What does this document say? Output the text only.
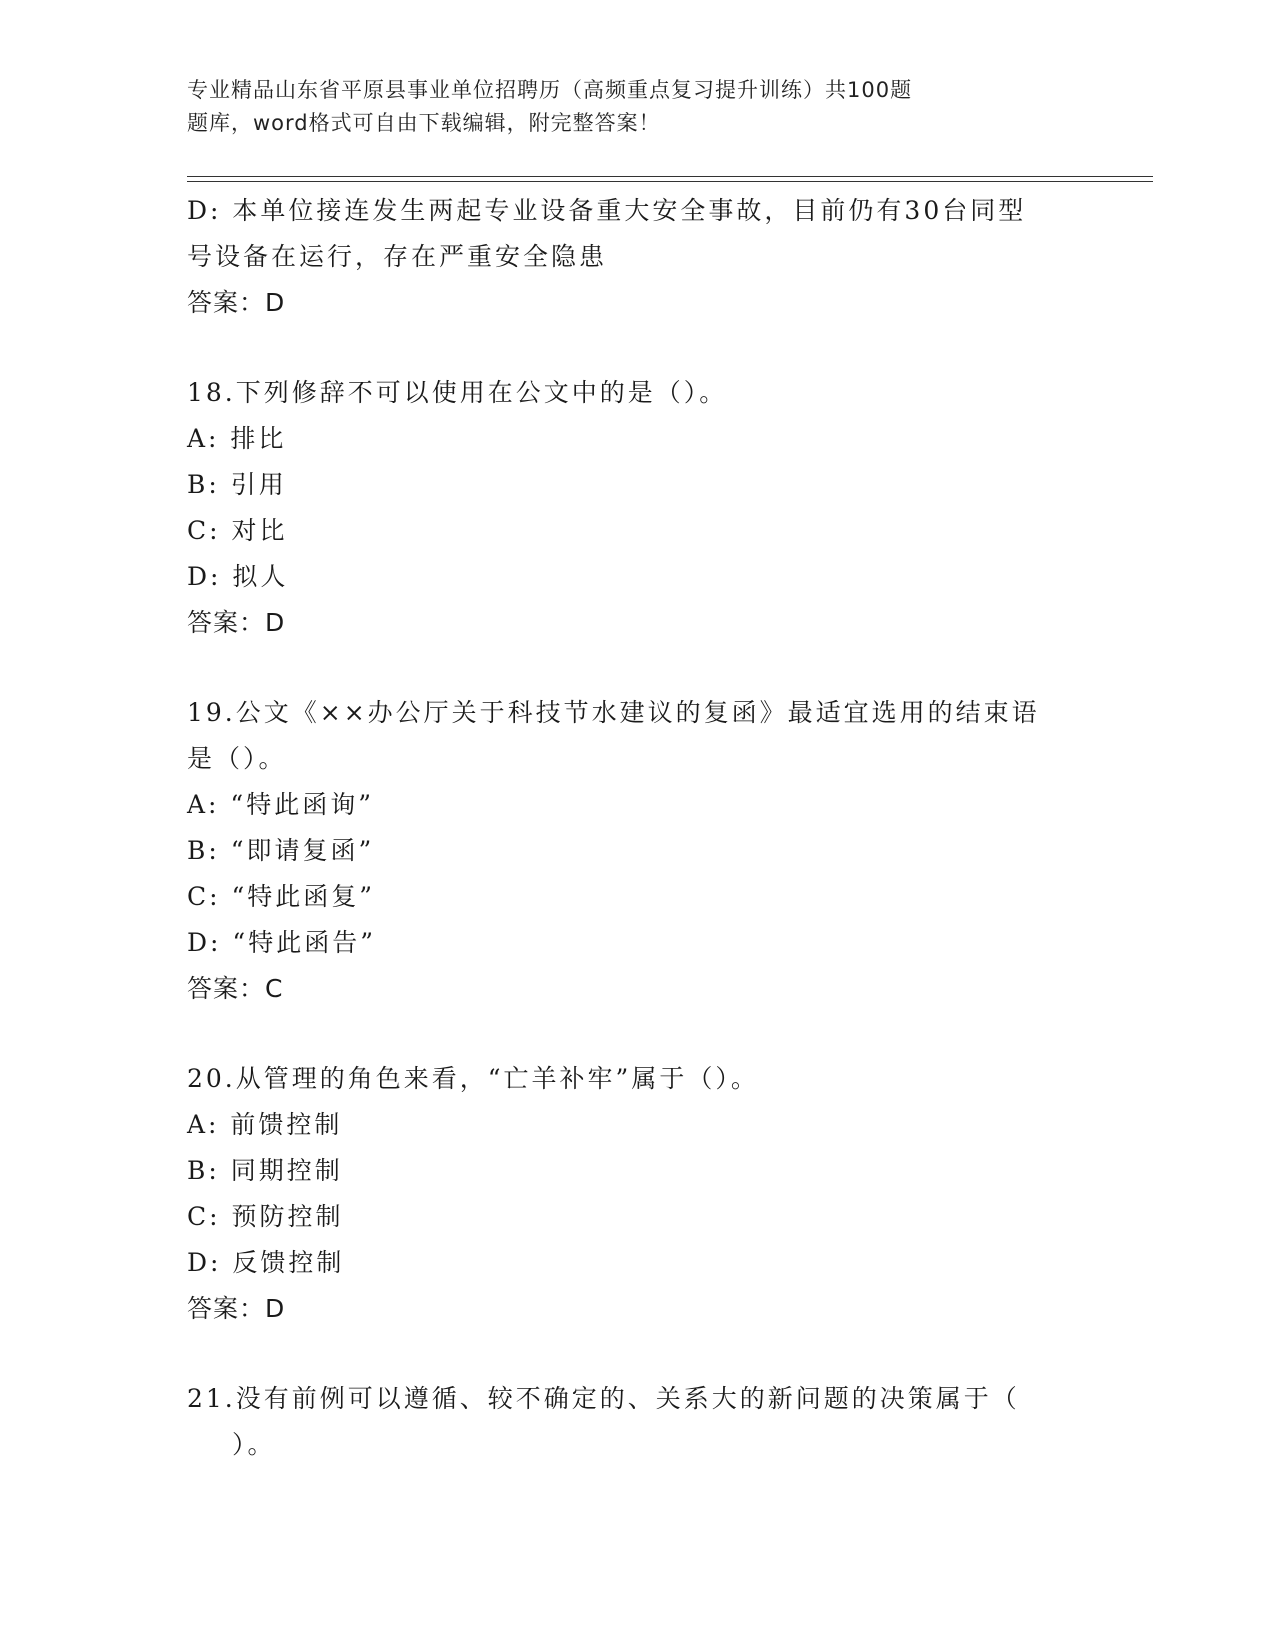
专业精品山东省平原县事业单位招聘历（高频重点复习提升训练）共100题
题库，word格式可自由下载编辑，附完整答案！
D: 本单位接连发生两起专业设备重大安全事故，目前仍有30台同型
号设备在运行，存在严重安全隐患
答案：D
18.下列修辞不可以使用在公文中的是（）。
A: 排比
B: 引用
C: 对比
D: 拟人
答案：D
19.公文《××办公厅关于科技节水建议的复函》最适宜选用的结束语
是（）。
A: “特此函询”
B: “即请复函”
C: “特此函复”
D: “特此函告”
答案：C
20.从管理的角色来看，“亡羊补牢”属于（）。
A: 前馈控制
B: 同期控制
C: 预防控制
D: 反馈控制
答案：D
21.没有前例可以遵循、较不确定的、关系大的新问题的决策属于（
）。
